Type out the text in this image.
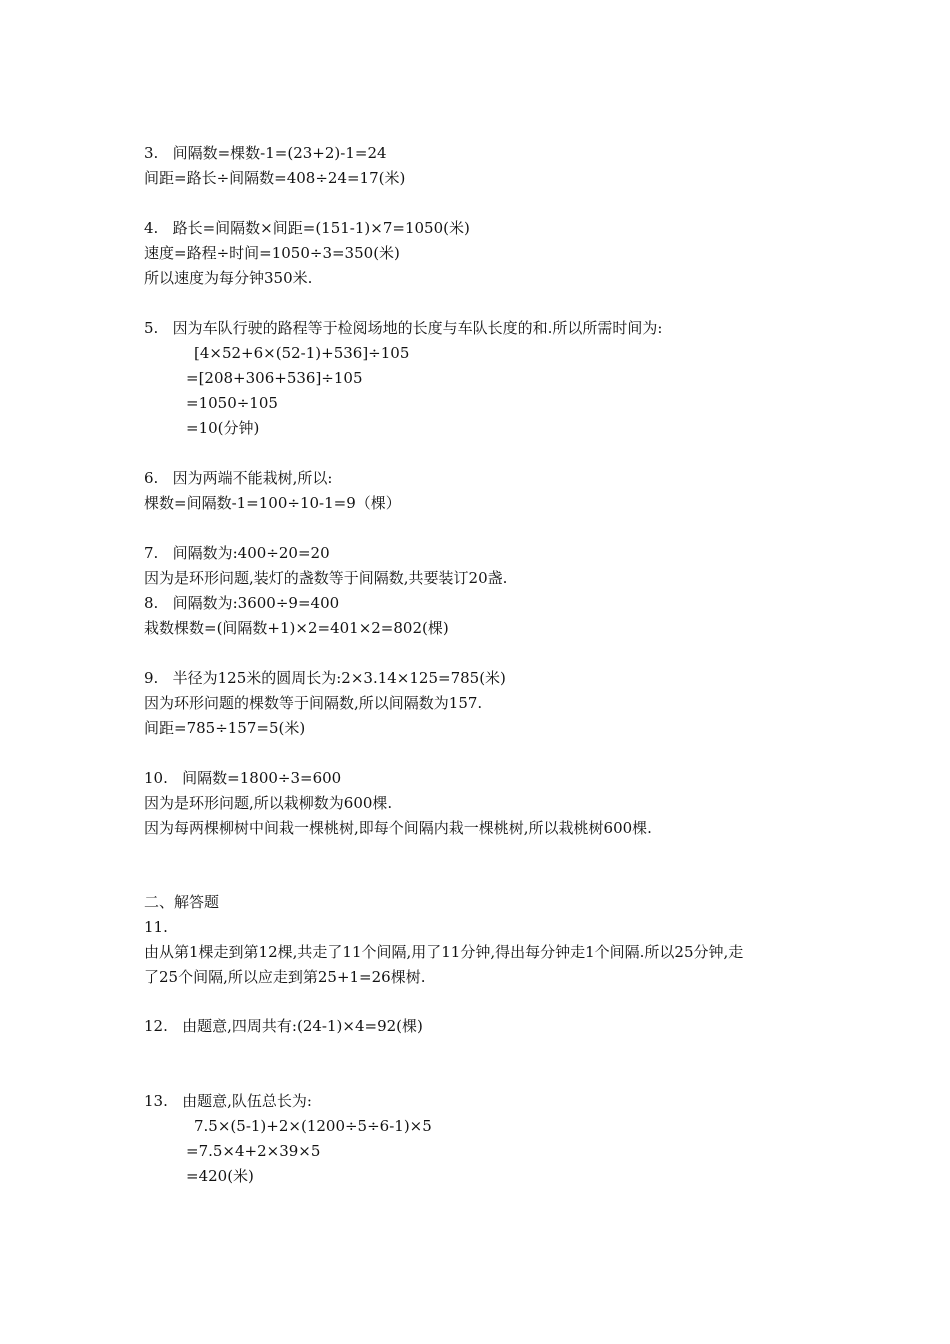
3.   间隔数=棵数-1=(23+2)-1=24
间距=路长÷间隔数=408÷24=17(米)
4.   路长=间隔数×间距=(151-1)×7=1050(米)
速度=路程÷时间=1050÷3=350(米)
所以速度为每分钟350米.
5.   因为车队行驶的路程等于检阅场地的长度与车队长度的和.所以所需时间为:
[4×52+6×(52-1)+536]÷105
=[208+306+536]÷105
=1050÷105
=10(分钟)
6.   因为两端不能栽树,所以:
棵数=间隔数-1=100÷10-1=9（棵）
7.   间隔数为:400÷20=20
因为是环形问题,装灯的盏数等于间隔数,共要装订20盏.
8.   间隔数为:3600÷9=400
栽数棵数=(间隔数+1)×2=401×2=802(棵)
9.   半径为125米的圆周长为:2×3.14×125=785(米)
因为环形问题的棵数等于间隔数,所以间隔数为157.
间距=785÷157=5(米)
10.   间隔数=1800÷3=600
因为是环形问题,所以栽柳数为600棵.
因为每两棵柳树中间栽一棵桃树,即每个间隔内栽一棵桃树,所以栽桃树600棵.
二、解答题
11.
由从第1棵走到第12棵,共走了11个间隔,用了11分钟,得出每分钟走1个间隔.所以25分钟,走
了25个间隔,所以应走到第25+1=26棵树.
12.   由题意,四周共有:(24-1)×4=92(棵)
13.   由题意,队伍总长为:
7.5×(5-1)+2×(1200÷5÷6-1)×5
=7.5×4+2×39×5
=420(米)
